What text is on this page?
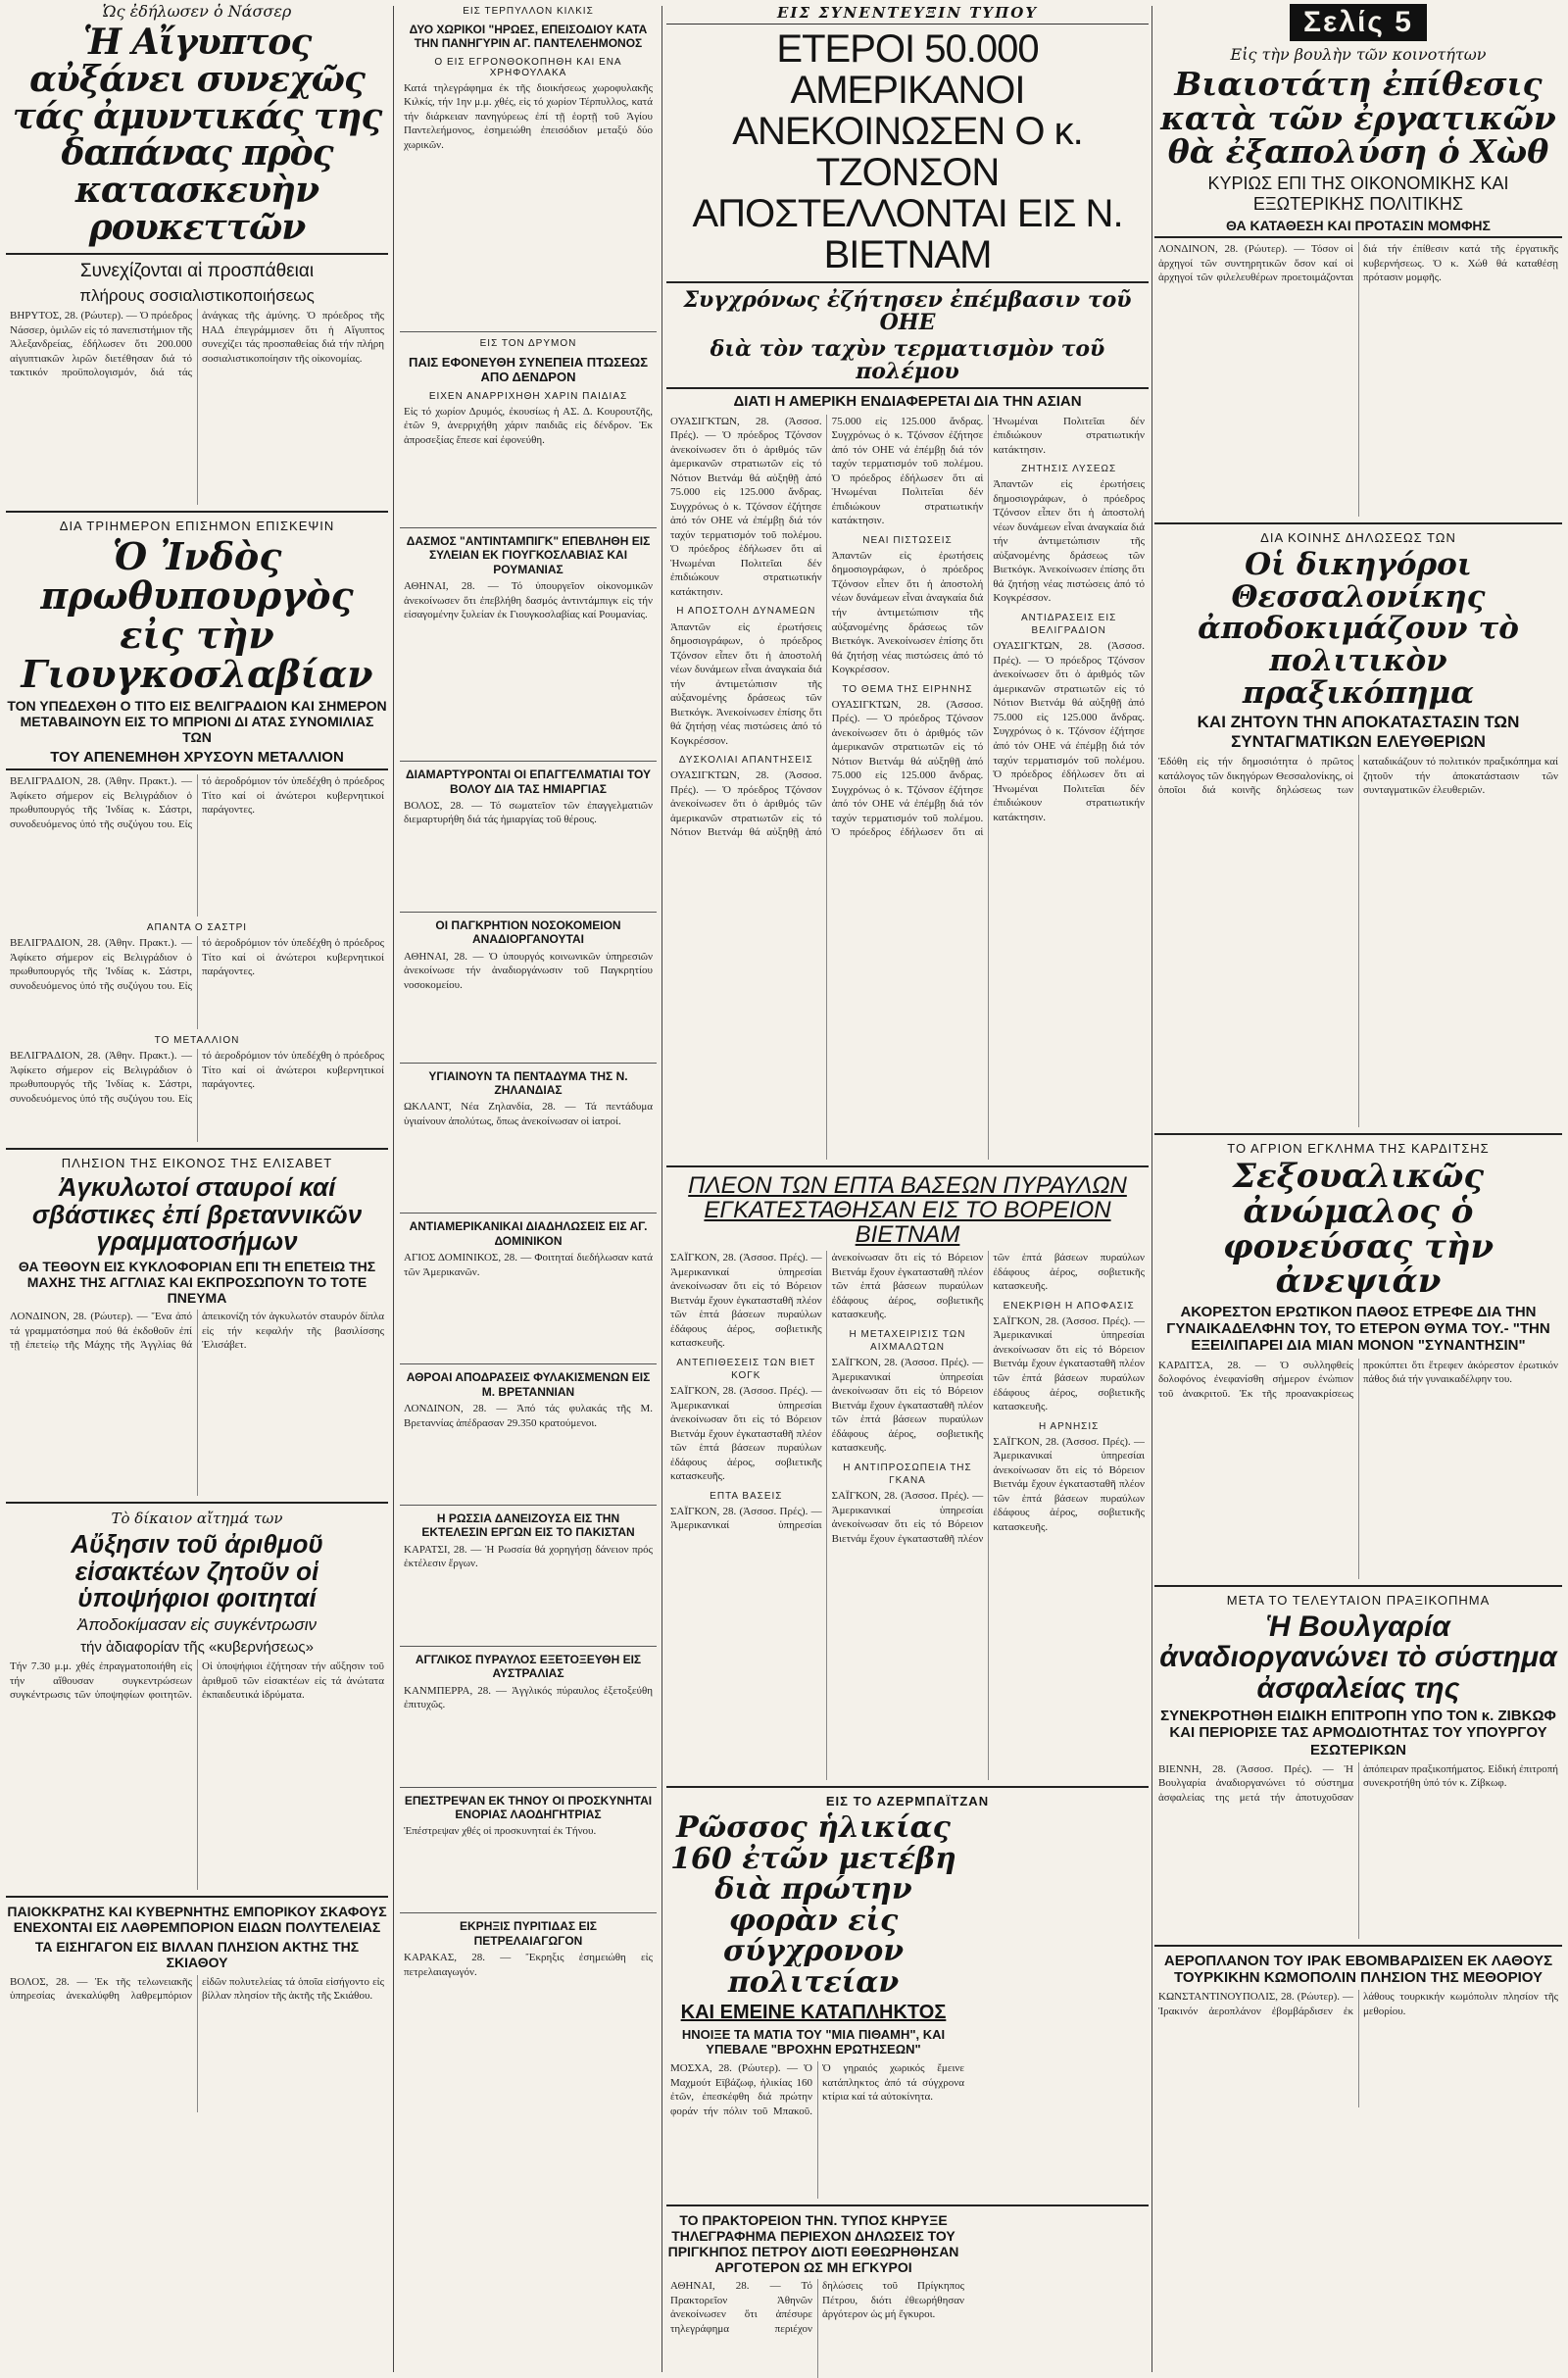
Ὡς ἐδήλωσεν ὁ Νάσσερ
Ἡ Αἴγυπτος αὐξάνει συνεχῶς τάς ἀμυντικάς της δαπάνας πρὸς κατασκευὴν ρουκεττῶν
Συνεχίζονται αἱ προσπάθειαι
πλήρους σοσιαλιστικοποιήσεως
ΒΗΡΥΤΟΣ, 28. (Ρώυτερ). — Ὁ πρόεδρος Νάσσερ, ὁμιλῶν εἰς τό πανεπιστήμιον τῆς Ἀλεξανδρείας, ἐδήλωσεν ὅτι 200.000 αἰγυπτιακῶν λιρῶν διετέθησαν διά τό τακτικόν προϋπολογισμόν, διά τάς ἀνάγκας τῆς ἀμύνης. Ὁ πρόεδρος τῆς ΗΑΔ ἐπεγράμμισεν ὅτι ἡ Αἴγυπτος συνεχίζει τάς προσπαθείας διά τήν πλήρη σοσιαλιστικοποίησιν τῆς οἰκονομίας.
ΔΙΑ ΤΡΙΗΜΕΡΟΝ ΕΠΙΣΗΜΟΝ ΕΠΙΣΚΕΨΙΝ
Ὁ Ἰνδὸς πρωθυπουργὸς εἰς τὴν Γιουγκοσλαβίαν
ΤΟΝ ΥΠΕΔΕΧΘΗ Ο ΤΙΤΟ ΕΙΣ ΒΕΛΙΓΡΑΔΙΟΝ ΚΑΙ ΣΗΜΕΡΟΝ ΜΕΤΑΒΑΙΝΟΥΝ ΕΙΣ ΤΟ ΜΠΡΙΟΝΙ ΔΙ ΑΤΑΣ ΣΥΝΟΜΙΛΙΑΣ ΤΩΝ
ΤΟΥ ΑΠΕΝΕΜΗΘΗ ΧΡΥΣΟΥΝ ΜΕΤΑΛΛΙΟΝ
ΒΕΛΙΓΡΑΔΙΟΝ, 28. (Ἀθην. Πρακτ.). — Ἀφίκετο σήμερον εἰς Βελιγράδιον ὁ πρωθυπουργός τῆς Ἰνδίας κ. Σάστρι, συνοδευόμενος ὑπό τῆς συζύγου του. Εἰς τό ἀεροδρόμιον τόν ὑπεδέχθη ὁ πρόεδρος Τίτο καί οἱ ἀνώτεροι κυβερνητικοί παράγοντες.
ΑΠΑΝΤΑ Ο ΣΑΣΤΡΙ
ΒΕΛΙΓΡΑΔΙΟΝ, 28. (Ἀθην. Πρακτ.). — Ἀφίκετο σήμερον εἰς Βελιγράδιον ὁ πρωθυπουργός τῆς Ἰνδίας κ. Σάστρι, συνοδευόμενος ὑπό τῆς συζύγου του. Εἰς τό ἀεροδρόμιον τόν ὑπεδέχθη ὁ πρόεδρος Τίτο καί οἱ ἀνώτεροι κυβερνητικοί παράγοντες.
ΤΟ ΜΕΤΑΛΛΙΟΝ
ΒΕΛΙΓΡΑΔΙΟΝ, 28. (Ἀθην. Πρακτ.). — Ἀφίκετο σήμερον εἰς Βελιγράδιον ὁ πρωθυπουργός τῆς Ἰνδίας κ. Σάστρι, συνοδευόμενος ὑπό τῆς συζύγου του. Εἰς τό ἀεροδρόμιον τόν ὑπεδέχθη ὁ πρόεδρος Τίτο καί οἱ ἀνώτεροι κυβερνητικοί παράγοντες.
ΠΛΗΣΙΟΝ ΤΗΣ ΕΙΚΟΝΟΣ ΤΗΣ ΕΛΙΣΑΒΕΤ
Ἀγκυλωτοί σταυροί καί σβάστικες ἐπί βρεταννικῶν γραμματοσήμων
ΘΑ ΤΕΘΟΥΝ ΕΙΣ ΚΥΚΛΟΦΟΡΙΑΝ ΕΠΙ ΤΗ ΕΠΕΤΕΙΩ ΤΗΣ ΜΑΧΗΣ ΤΗΣ ΑΓΓΛΙΑΣ ΚΑΙ ΕΚΠΡΟΣΩΠΟΥΝ ΤΟ ΤΟΤΕ ΠΝΕΥΜΑ
ΛΟΝΔΙΝΟΝ, 28. (Ρώυτερ). — Ἕνα ἀπό τά γραμματόσημα πού θά ἐκδοθοῦν ἐπί τῇ ἐπετείῳ τῆς Μάχης τῆς Ἀγγλίας θά ἀπεικονίζη τόν ἀγκυλωτόν σταυρόν δίπλα εἰς τήν κεφαλήν τῆς βασιλίσσης Ἐλισάβετ.
Τὸ δίκαιον αἴτημά των
Αὔξησιν τοῦ ἀριθμοῦ εἰσακτέων ζητοῦν οἱ ὑποψήφιοι φοιτηταί
Ἀποδοκίμασαν εἰς συγκέντρωσιν
τήν ἀδιαφορίαν τῆς «κυβερνήσεως»
Τήν 7.30 μ.μ. χθές ἐπραγματοποιήθη εἰς τήν αἴθουσαν συγκεντρώσεων συγκέντρωσις τῶν ὑποψηφίων φοιτητῶν. Οἱ ὑποψήφιοι ἐζήτησαν τήν αὔξησιν τοῦ ἀριθμοῦ τῶν εἰσακτέων εἰς τά ἀνώτατα ἐκπαιδευτικά ἱδρύματα.
ΠΑΙΟΚΚΡΑΤΗΣ ΚΑΙ ΚΥΒΕΡΝΗΤΗΣ ΕΜΠΟΡΙΚΟΥ ΣΚΑΦΟΥΣ ΕΝΕΧΟΝΤΑΙ ΕΙΣ ΛΑΘΡΕΜΠΟΡΙΟΝ ΕΙΔΩΝ ΠΟΛΥΤΕΛΕΙΑΣ
ΤΑ ΕΙΣΗΓΑΓΟΝ ΕΙΣ ΒΙΛΛΑΝ ΠΛΗΣΙΟΝ ΑΚΤΗΣ ΤΗΣ ΣΚΙΑΘΟΥ
ΒΟΛΟΣ, 28. — Ἐκ τῆς τελωνειακῆς ὑπηρεσίας ἀνεκαλύφθη λαθρεμπόριον εἰδῶν πολυτελείας τά ὁποῖα εἰσήγοντο εἰς βίλλαν πλησίον τῆς ἀκτῆς τῆς Σκιάθου.
ΕΙΣ ΤΕΡΠΥΛΛΟΝ ΚΙΛΚΙΣ
ΔΥΟ ΧΩΡΙΚΟΙ "ΗΡΩΕΣ, ΕΠΕΙΣΟΔΙΟΥ ΚΑΤΑ ΤΗΝ ΠΑΝΗΓΥΡΙΝ ΑΓ. ΠΑΝΤΕΛΕΗΜΟΝΟΣ
Ο ΕΙΣ ΕΓΡΟΝΘΟΚΟΠΗΘΗ ΚΑΙ ΕΝΑ ΧΡΗΦΟΥΛΑΚΑ
Κατά τηλεγράφημα ἐκ τῆς διοικήσεως χωροφυλακῆς Κιλκίς, τήν 1ην μ.μ. χθές, εἰς τό χωρίον Τέρπυλλος, κατά τήν διάρκειαν πανηγύρεως ἐπί τῇ ἑορτῇ τοῦ Ἁγίου Παντελεήμονος, ἐσημειώθη ἐπεισόδιον μεταξύ δύο χωρικῶν.
ΕΙΣ ΤΟΝ ΔΡΥΜΟΝ
ΠΑΙΣ ΕΦΟΝΕΥΘΗ ΣΥΝΕΠΕΙΑ ΠΤΩΣΕΩΣ ΑΠΟ ΔΕΝΔΡΟΝ
ΕΙΧΕΝ ΑΝΑΡΡΙΧΗΘΗ ΧΑΡΙΝ ΠΑΙΔΙΑΣ
Εἰς τό χωρίον Δρυμός, ἐκουσίως ἡ ΑΣ. Δ. Κουρουτζῆς, ἐτῶν 9, ἀνερριχήθη χάριν παιδιᾶς εἰς δένδρον. Ἐκ ἀπροσεξίας ἔπεσε καί ἐφονεύθη.
ΔΑΣΜΟΣ "ΑΝΤΙΝΤΑΜΠΙΓΚ" ΕΠΕΒΛΗΘΗ ΕΙΣ ΣΥΛΕΙΑΝ ΕΚ ΓΙΟΥΓΚΟΣΛΑΒΙΑΣ ΚΑΙ ΡΟΥΜΑΝΙΑΣ
ΑΘΗΝΑΙ, 28. — Τό ὑπουργεῖον οἰκονομικῶν ἀνεκοίνωσεν ὅτι ἐπεβλήθη δασμός ἀντιντάμπιγκ εἰς τήν εἰσαγομένην ξυλείαν ἐκ Γιουγκοσλαβίας καί Ρουμανίας.
ΔΙΑΜΑΡΤΥΡΟΝΤΑΙ ΟΙ ΕΠΑΓΓΕΛΜΑΤΙΑΙ ΤΟΥ ΒΟΛΟΥ ΔΙΑ ΤΑΣ ΗΜΙΑΡΓΙΑΣ
ΒΟΛΟΣ, 28. — Τό σωματεῖον τῶν ἐπαγγελματιῶν διεμαρτυρήθη διά τάς ἡμιαργίας τοῦ θέρους.
ΟΙ ΠΑΓΚΡΗΤΙΟΝ ΝΟΣΟΚΟΜΕΙΟΝ ΑΝΑΔΙΟΡΓΑΝΟΥΤΑΙ
ΑΘΗΝΑΙ, 28. — Ὁ ὑπουργός κοινωνικῶν ὑπηρεσιῶν ἀνεκοίνωσε τήν ἀναδιοργάνωσιν τοῦ Παγκρητίου νοσοκομείου.
ΥΓΙΑΙΝΟΥΝ ΤΑ ΠΕΝΤΑΔΥΜΑ ΤΗΣ Ν. ΖΗΛΑΝΔΙΑΣ
ΩΚΛΑΝΤ, Νέα Ζηλανδία, 28. — Τά πεντάδυμα ὑγιαίνουν ἀπολύτως, ὅπως ἀνεκοίνωσαν οἱ ἰατροί.
ΑΝΤΙΑΜΕΡΙΚΑΝΙΚΑΙ ΔΙΑΔΗΛΩΣΕΙΣ ΕΙΣ ΑΓ. ΔΟΜΙΝΙΚΟΝ
ΑΓΙΟΣ ΔΟΜΙΝΙΚΟΣ, 28. — Φοιτηταί διεδήλωσαν κατά τῶν Ἀμερικανῶν.
ΑΘΡΟΑΙ ΑΠΟΔΡΑΣΕΙΣ ΦΥΛΑΚΙΣΜΕΝΩΝ ΕΙΣ Μ. ΒΡΕΤΑΝΝΙΑΝ
ΛΟΝΔΙΝΟΝ, 28. — Ἀπό τάς φυλακάς τῆς Μ. Βρεταννίας ἀπέδρασαν 29.350 κρατούμενοι.
Η ΡΩΣΣΙΑ ΔΑΝΕΙΖΟΥΣΑ ΕΙΣ ΤΗΝ ΕΚΤΕΛΕΣΙΝ ΕΡΓΩΝ ΕΙΣ ΤΟ ΠΑΚΙΣΤΑΝ
ΚΑΡΑΤΣΙ, 28. — Ἡ Ρωσσία θά χορηγήσῃ δάνειον πρός ἐκτέλεσιν ἔργων.
ΑΓΓΛΙΚΟΣ ΠΥΡΑΥΛΟΣ ΕΞΕΤΟΞΕΥΘΗ ΕΙΣ ΑΥΣΤΡΑΛΙΑΣ
ΚΑΝΜΠΕΡΡΑ, 28. — Ἀγγλικός πύραυλος ἐξετοξεύθη ἐπιτυχῶς.
ΕΠΕΣΤΡΕΨΑΝ ΕΚ ΤΗΝΟΥ ΟΙ ΠΡΟΣΚΥΝΗΤΑΙ ΕΝΟΡΙΑΣ ΛΑΟΔΗΓΗΤΡΙΑΣ
Ἐπέστρεψαν χθές οἱ προσκυνηταί ἐκ Τήνου.
ΕΚΡΗΞΙΣ ΠΥΡΙΤΙΔΑΣ ΕΙΣ ΠΕΤΡΕΛΑΙΑΓΩΓΟΝ
ΚΑΡΑΚΑΣ, 28. — Ἔκρηξις ἐσημειώθη εἰς πετρελαιαγωγόν.
ΕΙΣ ΣΥΝΕΝΤΕΥΞΙΝ ΤΥΠΟΥ
ΕΤΕΡΟΙ 50.000 ΑΜΕΡΙΚΑΝΟΙ ΑΝΕΚΟΙΝΩΣΕΝ Ο κ. ΤΖΟΝΣΟΝ ΑΠΟΣΤΕΛΛΟΝΤΑΙ ΕΙΣ Ν. ΒΙΕΤΝΑΜ
Συγχρόνως ἐζήτησεν ἐπέμβασιν τοῦ ΟΗΕ
διὰ τὸν ταχὺν τερματισμὸν τοῦ πολέμου
ΔΙΑΤΙ Η ΑΜΕΡΙΚΗ ΕΝΔΙΑΦΕΡΕΤΑΙ ΔΙΑ ΤΗΝ ΑΣΙΑΝ
ΟΥΑΣΙΓΚΤΩΝ, 28. (Ἀσσοσ. Πρές). — Ὁ πρόεδρος Τζόνσον ἀνεκοίνωσεν ὅτι ὁ ἀριθμός τῶν ἀμερικανῶν στρατιωτῶν εἰς τό Νότιον Βιετνάμ θά αὐξηθῇ ἀπό 75.000 εἰς 125.000 ἄνδρας. Συγχρόνως ὁ κ. Τζόνσον ἐζήτησε ἀπό τόν ΟΗΕ νά ἐπέμβῃ διά τόν ταχύν τερματισμόν τοῦ πολέμου. Ὁ πρόεδρος ἐδήλωσεν ὅτι αἱ Ἡνωμέναι Πολιτεῖαι δέν ἐπιδιώκουν στρατιωτικήν κατάκτησιν.
Η ΑΠΟΣΤΟΛΗ ΔΥΝΑΜΕΩΝ
Ἀπαντῶν εἰς ἐρωτήσεις δημοσιογράφων, ὁ πρόεδρος Τζόνσον εἶπεν ὅτι ἡ ἀποστολή νέων δυνάμεων εἶναι ἀναγκαία διά τήν ἀντιμετώπισιν τῆς αὐξανομένης δράσεως τῶν Βιετκόγκ. Ἀνεκοίνωσεν ἐπίσης ὅτι θά ζητήσῃ νέας πιστώσεις ἀπό τό Κογκρέσσον.
ΔΥΣΚΟΛΙΑΙ ΑΠΑΝΤΗΣΕΙΣ
ΟΥΑΣΙΓΚΤΩΝ, 28. (Ἀσσοσ. Πρές). — Ὁ πρόεδρος Τζόνσον ἀνεκοίνωσεν ὅτι ὁ ἀριθμός τῶν ἀμερικανῶν στρατιωτῶν εἰς τό Νότιον Βιετνάμ θά αὐξηθῇ ἀπό 75.000 εἰς 125.000 ἄνδρας. Συγχρόνως ὁ κ. Τζόνσον ἐζήτησε ἀπό τόν ΟΗΕ νά ἐπέμβῃ διά τόν ταχύν τερματισμόν τοῦ πολέμου. Ὁ πρόεδρος ἐδήλωσεν ὅτι αἱ Ἡνωμέναι Πολιτεῖαι δέν ἐπιδιώκουν στρατιωτικήν κατάκτησιν.
ΝΕΑΙ ΠΙΣΤΩΣΕΙΣ
Ἀπαντῶν εἰς ἐρωτήσεις δημοσιογράφων, ὁ πρόεδρος Τζόνσον εἶπεν ὅτι ἡ ἀποστολή νέων δυνάμεων εἶναι ἀναγκαία διά τήν ἀντιμετώπισιν τῆς αὐξανομένης δράσεως τῶν Βιετκόγκ. Ἀνεκοίνωσεν ἐπίσης ὅτι θά ζητήσῃ νέας πιστώσεις ἀπό τό Κογκρέσσον.
ΤΟ ΘΕΜΑ ΤΗΣ ΕΙΡΗΝΗΣ
ΟΥΑΣΙΓΚΤΩΝ, 28. (Ἀσσοσ. Πρές). — Ὁ πρόεδρος Τζόνσον ἀνεκοίνωσεν ὅτι ὁ ἀριθμός τῶν ἀμερικανῶν στρατιωτῶν εἰς τό Νότιον Βιετνάμ θά αὐξηθῇ ἀπό 75.000 εἰς 125.000 ἄνδρας. Συγχρόνως ὁ κ. Τζόνσον ἐζήτησε ἀπό τόν ΟΗΕ νά ἐπέμβῃ διά τόν ταχύν τερματισμόν τοῦ πολέμου. Ὁ πρόεδρος ἐδήλωσεν ὅτι αἱ Ἡνωμέναι Πολιτεῖαι δέν ἐπιδιώκουν στρατιωτικήν κατάκτησιν.
ΖΗΤΗΣΙΣ ΛΥΣΕΩΣ
Ἀπαντῶν εἰς ἐρωτήσεις δημοσιογράφων, ὁ πρόεδρος Τζόνσον εἶπεν ὅτι ἡ ἀποστολή νέων δυνάμεων εἶναι ἀναγκαία διά τήν ἀντιμετώπισιν τῆς αὐξανομένης δράσεως τῶν Βιετκόγκ. Ἀνεκοίνωσεν ἐπίσης ὅτι θά ζητήσῃ νέας πιστώσεις ἀπό τό Κογκρέσσον.
ΑΝΤΙΔΡΑΣΕΙΣ ΕΙΣ ΒΕΛΙΓΡΑΔΙΟΝ
ΟΥΑΣΙΓΚΤΩΝ, 28. (Ἀσσοσ. Πρές). — Ὁ πρόεδρος Τζόνσον ἀνεκοίνωσεν ὅτι ὁ ἀριθμός τῶν ἀμερικανῶν στρατιωτῶν εἰς τό Νότιον Βιετνάμ θά αὐξηθῇ ἀπό 75.000 εἰς 125.000 ἄνδρας. Συγχρόνως ὁ κ. Τζόνσον ἐζήτησε ἀπό τόν ΟΗΕ νά ἐπέμβῃ διά τόν ταχύν τερματισμόν τοῦ πολέμου. Ὁ πρόεδρος ἐδήλωσεν ὅτι αἱ Ἡνωμέναι Πολιτεῖαι δέν ἐπιδιώκουν στρατιωτικήν κατάκτησιν.
ΠΛΕΟΝ ΤΩΝ ΕΠΤΑ ΒΑΣΕΩΝ ΠΥΡΑΥΛΩΝ ΕΓΚΑΤΕΣΤΑΘΗΣΑΝ ΕΙΣ ΤΟ ΒΟΡΕΙΟΝ ΒΙΕΤΝΑΜ
ΣΑΪΓΚΟΝ, 28. (Ἀσσοσ. Πρές). — Ἀμερικανικαί ὑπηρεσίαι ἀνεκοίνωσαν ὅτι εἰς τό Βόρειον Βιετνάμ ἔχουν ἐγκατασταθῆ πλέον τῶν ἑπτά βάσεων πυραύλων ἐδάφους ἀέρος, σοβιετικῆς κατασκευῆς.
ΑΝΤΕΠΙΘΕΣΕΙΣ ΤΩΝ ΒΙΕΤ ΚΟΓΚ
ΣΑΪΓΚΟΝ, 28. (Ἀσσοσ. Πρές). — Ἀμερικανικαί ὑπηρεσίαι ἀνεκοίνωσαν ὅτι εἰς τό Βόρειον Βιετνάμ ἔχουν ἐγκατασταθῆ πλέον τῶν ἑπτά βάσεων πυραύλων ἐδάφους ἀέρος, σοβιετικῆς κατασκευῆς.
ΕΠΤΑ ΒΑΣΕΙΣ
ΣΑΪΓΚΟΝ, 28. (Ἀσσοσ. Πρές). — Ἀμερικανικαί ὑπηρεσίαι ἀνεκοίνωσαν ὅτι εἰς τό Βόρειον Βιετνάμ ἔχουν ἐγκατασταθῆ πλέον τῶν ἑπτά βάσεων πυραύλων ἐδάφους ἀέρος, σοβιετικῆς κατασκευῆς.
Η ΜΕΤΑΧΕΙΡΙΣΙΣ ΤΩΝ ΑΙΧΜΑΛΩΤΩΝ
ΣΑΪΓΚΟΝ, 28. (Ἀσσοσ. Πρές). — Ἀμερικανικαί ὑπηρεσίαι ἀνεκοίνωσαν ὅτι εἰς τό Βόρειον Βιετνάμ ἔχουν ἐγκατασταθῆ πλέον τῶν ἑπτά βάσεων πυραύλων ἐδάφους ἀέρος, σοβιετικῆς κατασκευῆς.
Η ΑΝΤΙΠΡΟΣΩΠΕΙΑ ΤΗΣ ΓΚΑΝΑ
ΣΑΪΓΚΟΝ, 28. (Ἀσσοσ. Πρές). — Ἀμερικανικαί ὑπηρεσίαι ἀνεκοίνωσαν ὅτι εἰς τό Βόρειον Βιετνάμ ἔχουν ἐγκατασταθῆ πλέον τῶν ἑπτά βάσεων πυραύλων ἐδάφους ἀέρος, σοβιετικῆς κατασκευῆς.
ΕΝΕΚΡΙΘΗ Η ΑΠΟΦΑΣΙΣ
ΣΑΪΓΚΟΝ, 28. (Ἀσσοσ. Πρές). — Ἀμερικανικαί ὑπηρεσίαι ἀνεκοίνωσαν ὅτι εἰς τό Βόρειον Βιετνάμ ἔχουν ἐγκατασταθῆ πλέον τῶν ἑπτά βάσεων πυραύλων ἐδάφους ἀέρος, σοβιετικῆς κατασκευῆς.
Η ΑΡΝΗΣΙΣ
ΣΑΪΓΚΟΝ, 28. (Ἀσσοσ. Πρές). — Ἀμερικανικαί ὑπηρεσίαι ἀνεκοίνωσαν ὅτι εἰς τό Βόρειον Βιετνάμ ἔχουν ἐγκατασταθῆ πλέον τῶν ἑπτά βάσεων πυραύλων ἐδάφους ἀέρος, σοβιετικῆς κατασκευῆς.
ΕΙΣ ΤΟ ΑΖΕΡΜΠΑΪΤΖΑΝ
Ρῶσσος ἡλικίας 160 ἐτῶν μετέβη διὰ πρώτην φορὰν εἰς σύγχρονον πολιτείαν
ΚΑΙ ΕΜΕΙΝΕ ΚΑΤΑΠΛΗΚΤΟΣ
ΗΝΟΙΞΕ ΤΑ ΜΑΤΙΑ ΤΟΥ "ΜΙΑ ΠΙΘΑΜΗ", ΚΑΙ ΥΠΕΒΑΛΕ "ΒΡΟΧΗΝ ΕΡΩΤΗΣΕΩΝ"
ΜΟΣΧΑ, 28. (Ρώυτερ). — Ὁ Μαχμούτ Εϊβάζωφ, ἡλικίας 160 ἐτῶν, ἐπεσκέφθη διά πρώτην φοράν τήν πόλιν τοῦ Μπακοῦ. Ὁ γηραιός χωρικός ἔμεινε κατάπληκτος ἀπό τά σύγχρονα κτίρια καί τά αὐτοκίνητα.
ΤΟ ΠΡΑΚΤΟΡΕΙΟΝ ΤΗΝ. ΤΥΠΟΣ ΚΗΡΥΞΕ ΤΗΛΕΓΡΑΦΗΜΑ ΠΕΡΙΕΧΟΝ ΔΗΛΩΣΕΙΣ ΤΟΥ ΠΡΙΓΚΗΠΟΣ ΠΕΤΡΟΥ ΔΙΟΤΙ ΕΘΕΩΡΗΘΗΣΑΝ ΑΡΓΟΤΕΡΟΝ ΩΣ ΜΗ ΕΓΚΥΡΟΙ
ΑΘΗΝΑΙ, 28. — Τό Πρακτορεῖον Ἀθηνῶν ἀνεκοίνωσεν ὅτι ἀπέσυρε τηλεγράφημα περιέχον δηλώσεις τοῦ Πρίγκηπος Πέτρου, διότι ἐθεωρήθησαν ἀργότερον ὡς μή ἔγκυροι.
Σελίς 5
Εἰς τὴν βουλὴν τῶν κοινοτήτων
Βιαιοτάτη ἐπίθεσις κατὰ τῶν ἐργατικῶν θὰ ἐξαπολύση ὁ Χὼθ
ΚΥΡΙΩΣ ΕΠΙ ΤΗΣ ΟΙΚΟΝΟΜΙΚΗΣ ΚΑΙ ΕΞΩΤΕΡΙΚΗΣ ΠΟΛΙΤΙΚΗΣ
ΘΑ ΚΑΤΑΘΕΣΗ ΚΑΙ ΠΡΟΤΑΣΙΝ ΜΟΜΦΗΣ
ΛΟΝΔΙΝΟΝ, 28. (Ρώυτερ). — Τόσον οἱ ἀρχηγοί τῶν συντηρητικῶν ὅσον καί οἱ ἀρχηγοί τῶν φιλελευθέρων προετοιμάζονται διά τήν ἐπίθεσιν κατά τῆς ἐργατικῆς κυβερνήσεως. Ὁ κ. Χώθ θά καταθέσῃ πρότασιν μομφῆς.
ΔΙΑ ΚΟΙΝΗΣ ΔΗΛΩΣΕΩΣ ΤΩΝ
Οἱ δικηγόροι Θεσσαλονίκης ἀποδοκιμάζουν τὸ πολιτικὸν πραξικόπημα
ΚΑΙ ΖΗΤΟΥΝ ΤΗΝ ΑΠΟΚΑΤΑΣΤΑΣΙΝ ΤΩΝ ΣΥΝΤΑΓΜΑΤΙΚΩΝ ΕΛΕΥΘΕΡΙΩΝ
Ἐδόθη εἰς τήν δημοσιότητα ὁ πρῶτος κατάλογος τῶν δικηγόρων Θεσσαλονίκης, οἱ ὁποῖοι διά κοινῆς δηλώσεως των καταδικάζουν τό πολιτικόν πραξικόπημα καί ζητοῦν τήν ἀποκατάστασιν τῶν συνταγματικῶν ἐλευθεριῶν.
ΤΟ ΑΓΡΙΟΝ ΕΓΚΛΗΜΑ ΤΗΣ ΚΑΡΔΙΤΣΗΣ
Σεξουαλικῶς ἀνώμαλος ὁ φονεύσας τὴν ἀνεψιάν
ΑΚΟΡΕΣΤΟΝ ΕΡΩΤΙΚΟΝ ΠΑΘΟΣ ΕΤΡΕΦΕ ΔΙΑ ΤΗΝ ΓΥΝΑΙΚΑΔΕΛΦΗΝ ΤΟΥ, ΤΟ ΕΤΕΡΟΝ ΘΥΜΑ ΤΟΥ.- "ΤΗΝ ΕΞΕΙΛΙΠΑΡΕΙ ΔΙΑ ΜΙΑΝ ΜΟΝΟΝ "ΣΥΝΑΝΤΗΣΙΝ"
ΚΑΡΔΙΤΣΑ, 28. — Ὁ συλληφθείς δολοφόνος ἐνεφανίσθη σήμερον ἐνώπιον τοῦ ἀνακριτοῦ. Ἐκ τῆς προανακρίσεως προκύπτει ὅτι ἔτρεφεν ἀκόρεστον ἐρωτικόν πάθος διά τήν γυναικαδέλφην του.
ΜΕΤΑ ΤΟ ΤΕΛΕΥΤΑΙΟΝ ΠΡΑΞΙΚΟΠΗΜΑ
Ἡ Βουλγαρία ἀναδιοργανώνει τὸ σύστημα ἀσφαλείας της
ΣΥΝΕΚΡΟΤΗΘΗ ΕΙΔΙΚΗ ΕΠΙΤΡΟΠΗ ΥΠΟ ΤΟΝ κ. ΖΙΒΚΩΦ ΚΑΙ ΠΕΡΙΟΡΙΣΕ ΤΑΣ ΑΡΜΟΔΙΟΤΗΤΑΣ ΤΟΥ ΥΠΟΥΡΓΟΥ ΕΣΩΤΕΡΙΚΩΝ
ΒΙΕΝΝΗ, 28. (Ἀσσοσ. Πρές). — Ἡ Βουλγαρία ἀναδιοργανώνει τό σύστημα ἀσφαλείας της μετά τήν ἀποτυχοῦσαν ἀπόπειραν πραξικοπήματος. Εἰδική ἐπιτροπή συνεκροτήθη ὑπό τόν κ. Ζίβκωφ.
ΑΕΡΟΠΛΑΝΟΝ ΤΟΥ ΙΡΑΚ ΕΒΟΜΒΑΡΔΙΣΕΝ ΕΚ ΛΑΘΟΥΣ ΤΟΥΡΚΙΚΗΝ ΚΩΜΟΠΟΛΙΝ ΠΛΗΣΙΟΝ ΤΗΣ ΜΕΘΟΡΙΟΥ
ΚΩΝΣΤΑΝΤΙΝΟΥΠΟΛΙΣ, 28. (Ρώυτερ). — Ἰρακινόν ἀεροπλάνον ἐβομβάρδισεν ἐκ λάθους τουρκικήν κωμόπολιν πλησίον τῆς μεθορίου.
